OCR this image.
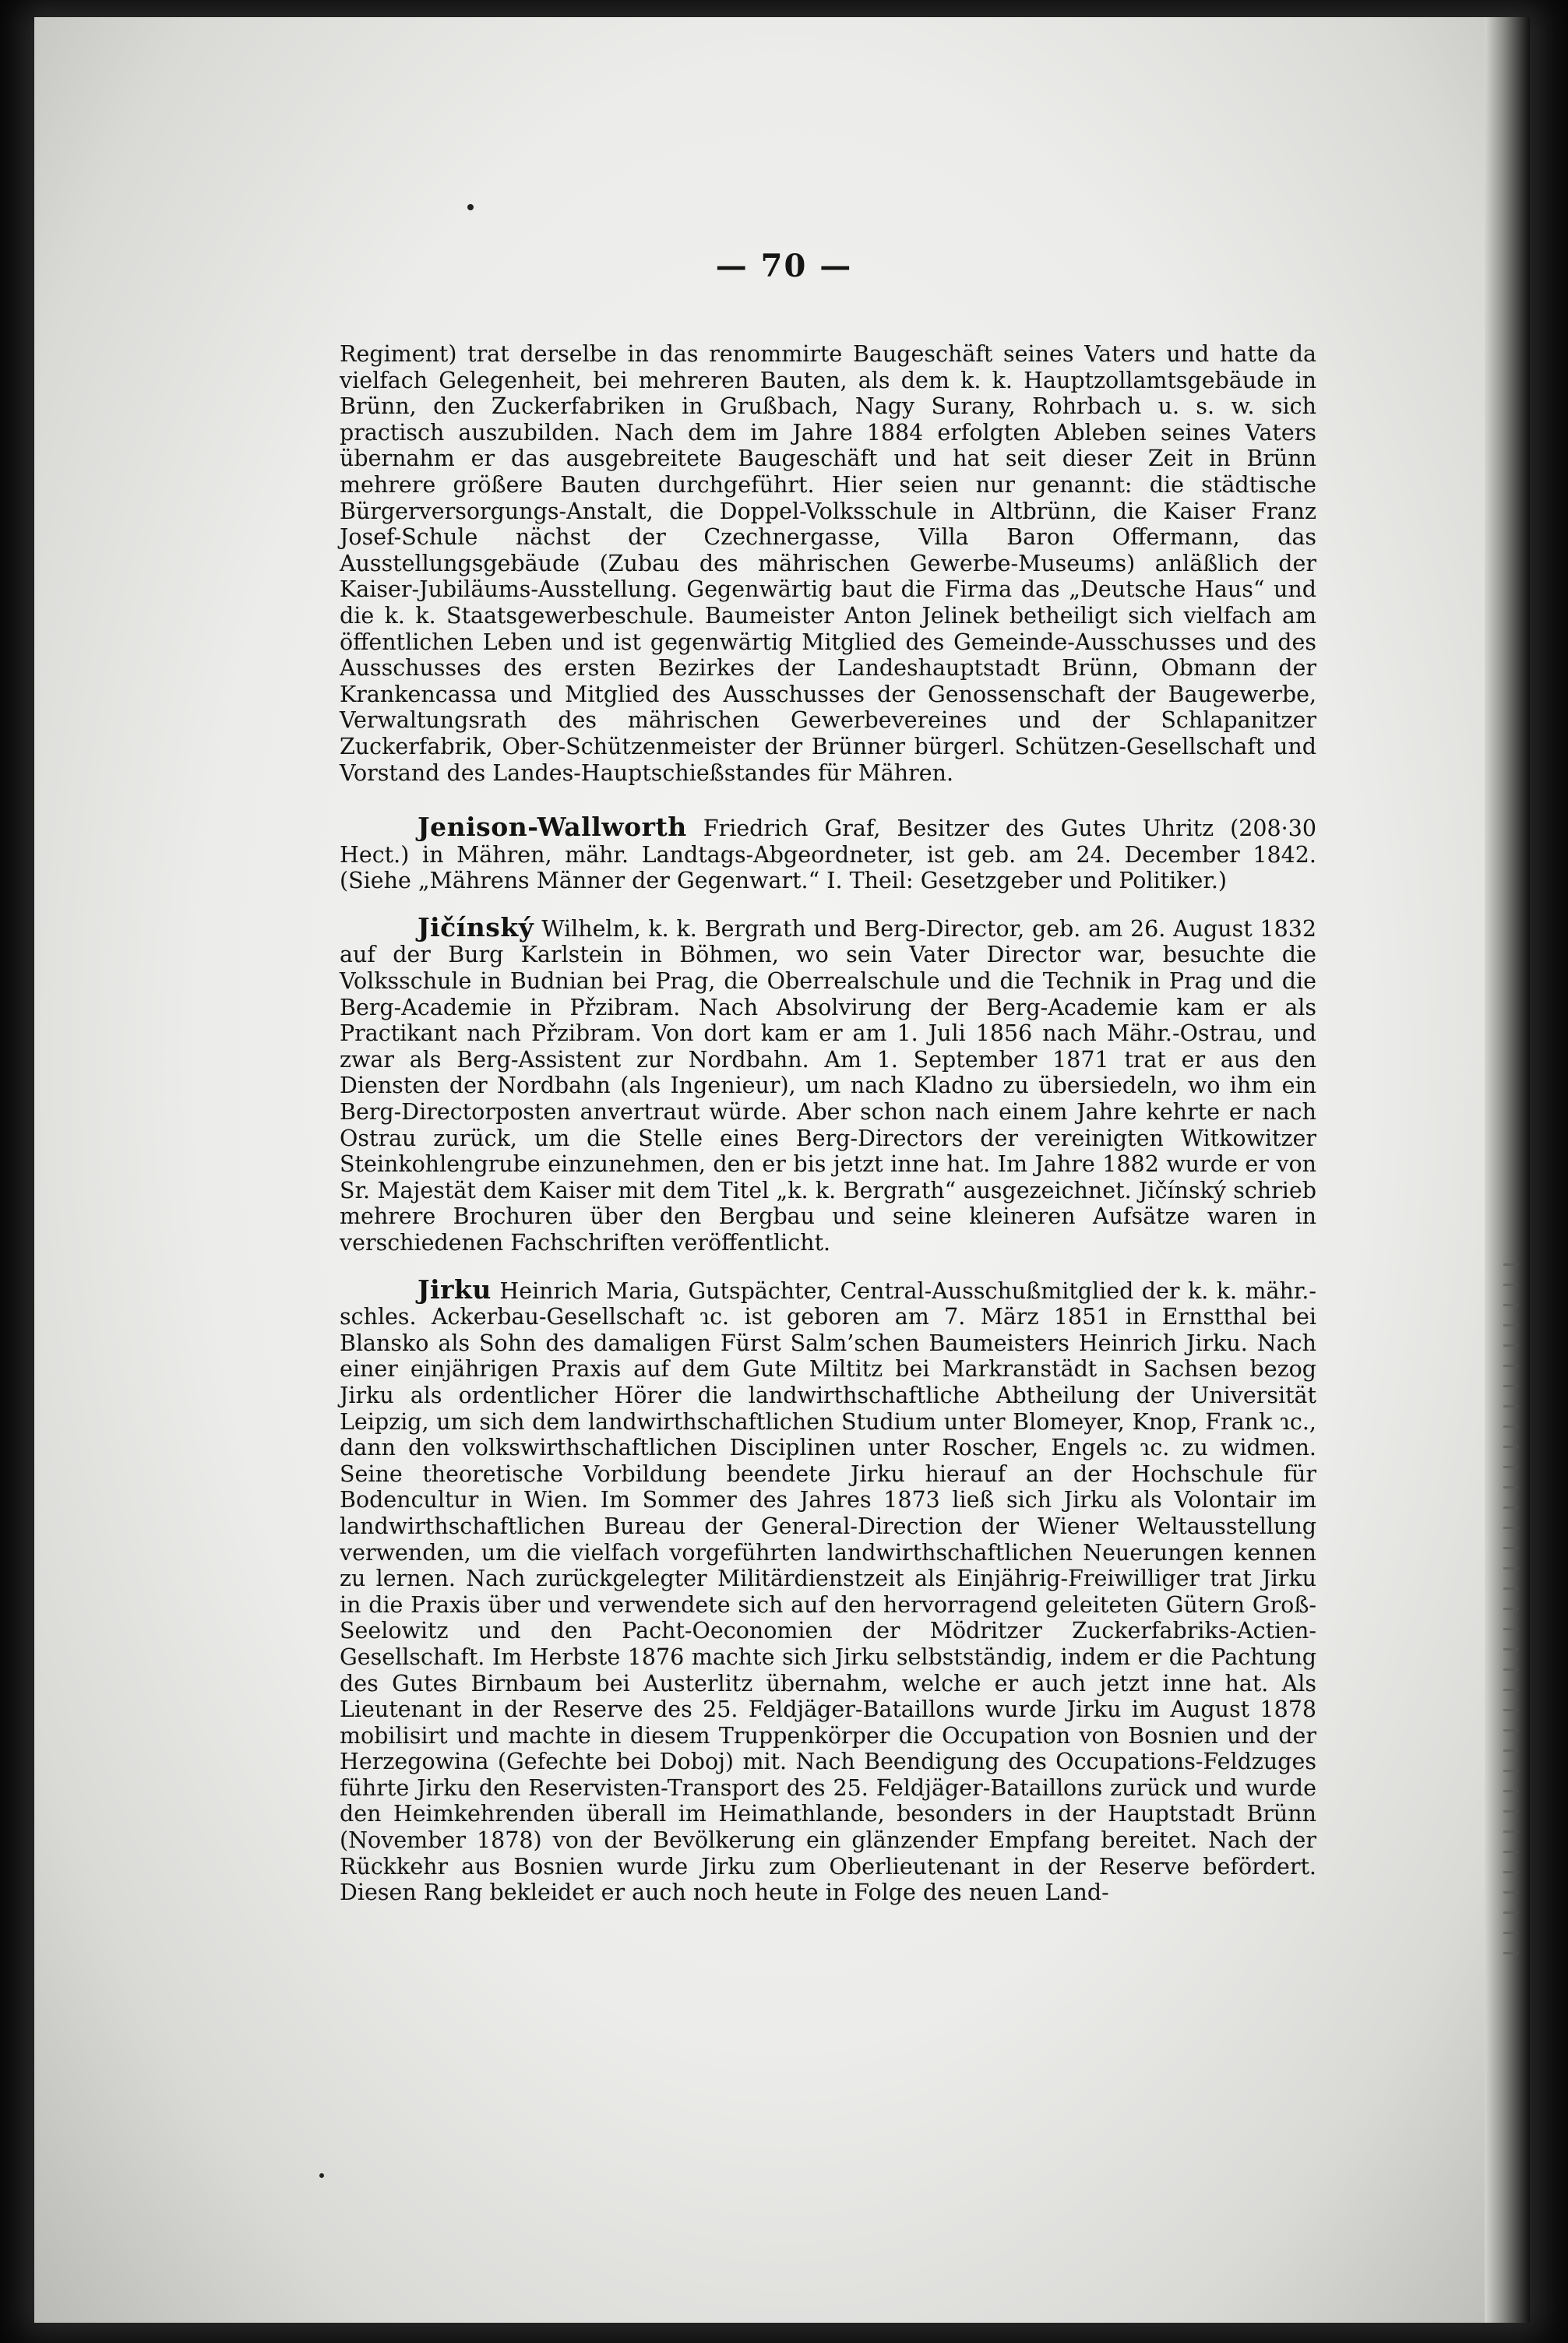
— 70 —

Regiment) trat derselbe in das renommirte Baugeschäft seines Vaters und hatte da vielfach Gelegenheit, bei mehreren Bauten, als dem k. k. Hauptzollamtsgebäude in Brünn, den Zuckerfabriken in Grußbach, Nagy Surany, Rohrbach u. s. w. sich practisch auszubilden. Nach dem im Jahre 1884 erfolgten Ableben seines Vaters übernahm er das ausgebreitete Baugeschäft und hat seit dieser Zeit in Brünn mehrere größere Bauten durchgeführt. Hier seien nur genannt: die städtische Bürgerversorgungs-Anstalt, die Doppel-Volksschule in Altbrünn, die Kaiser Franz Josef-Schule nächst der Czechnergasse, Villa Baron Offermann, das Ausstellungsgebäude (Zubau des mährischen Gewerbe-Museums) anläßlich der Kaiser-Jubiläums-Ausstellung. Gegenwärtig baut die Firma das „Deutsche Haus“ und die k. k. Staatsgewerbeschule. Baumeister Anton Jelinek betheiligt sich vielfach am öffentlichen Leben und ist gegenwärtig Mitglied des Gemeinde-Ausschusses und des Ausschusses des ersten Bezirkes der Landeshauptstadt Brünn, Obmann der Krankencassa und Mitglied des Ausschusses der Genossenschaft der Baugewerbe, Verwaltungsrath des mährischen Gewerbevereines und der Schlapanitzer Zuckerfabrik, Ober-Schützenmeister der Brünner bürgerl. Schützen-Gesellschaft und Vorstand des Landes-Hauptschießstandes für Mähren.

Jenison-Wallworth Friedrich Graf, Besitzer des Gutes Uhritz (208·30 Hect.) in Mähren, mähr. Landtags-Abgeordneter, ist geb. am 24. December 1842. (Siehe „Mährens Männer der Gegenwart.“ I. Theil: Gesetzgeber und Politiker.)

Jičínský Wilhelm, k. k. Bergrath und Berg-Director, geb. am 26. August 1832 auf der Burg Karlstein in Böhmen, wo sein Vater Director war, besuchte die Volksschule in Budnian bei Prag, die Oberrealschule und die Technik in Prag und die Berg-Academie in Přzibram. Nach Absolvirung der Berg-Academie kam er als Practikant nach Přzibram. Von dort kam er am 1. Juli 1856 nach Mähr.-Ostrau, und zwar als Berg-Assistent zur Nordbahn. Am 1. September 1871 trat er aus den Diensten der Nordbahn (als Ingenieur), um nach Kladno zu übersiedeln, wo ihm ein Berg-Directorposten anvertraut würde. Aber schon nach einem Jahre kehrte er nach Ostrau zurück, um die Stelle eines Berg-Directors der vereinigten Witkowitzer Steinkohlengrube einzunehmen, den er bis jetzt inne hat. Im Jahre 1882 wurde er von Sr. Majestät dem Kaiser mit dem Titel „k. k. Bergrath“ ausgezeichnet. Jičínský schrieb mehrere Brochuren über den Bergbau und seine kleineren Aufsätze waren in verschiedenen Fachschriften veröffentlicht.

Jirku Heinrich Maria, Gutspächter, Central-Ausschußmitglied der k. k. mähr.-schles. Ackerbau-Gesellschaft ɿc. ist geboren am 7. März 1851 in Ernstthal bei Blansko als Sohn des damaligen Fürst Salm’schen Baumeisters Heinrich Jirku. Nach einer einjährigen Praxis auf dem Gute Miltitz bei Markranstädt in Sachsen bezog Jirku als ordentlicher Hörer die landwirthschaftliche Abtheilung der Universität Leipzig, um sich dem landwirthschaftlichen Studium unter Blomeyer, Knop, Frank ɿc., dann den volkswirthschaftlichen Disciplinen unter Roscher, Engels ɿc. zu widmen. Seine theoretische Vorbildung beendete Jirku hierauf an der Hochschule für Bodencultur in Wien. Im Sommer des Jahres 1873 ließ sich Jirku als Volontair im landwirthschaftlichen Bureau der General-Direction der Wiener Weltausstellung verwenden, um die vielfach vorgeführten landwirthschaftlichen Neuerungen kennen zu lernen. Nach zurückgelegter Militärdienstzeit als Einjährig-Freiwilliger trat Jirku in die Praxis über und verwendete sich auf den hervorragend geleiteten Gütern Groß-Seelowitz und den Pacht-Oeconomien der Mödritzer Zuckerfabriks-Actien-Gesellschaft. Im Herbste 1876 machte sich Jirku selbstständig, indem er die Pachtung des Gutes Birnbaum bei Austerlitz übernahm, welche er auch jetzt inne hat. Als Lieutenant in der Reserve des 25. Feldjäger-Bataillons wurde Jirku im August 1878 mobilisirt und machte in diesem Truppenkörper die Occupation von Bosnien und der Herzegowina (Gefechte bei Doboj) mit. Nach Beendigung des Occupations-Feldzuges führte Jirku den Reservisten-Transport des 25. Feldjäger-Bataillons zurück und wurde den Heimkehrenden überall im Heimathlande, besonders in der Hauptstadt Brünn (November 1878) von der Bevölkerung ein glänzender Empfang bereitet. Nach der Rückkehr aus Bosnien wurde Jirku zum Oberlieutenant in der Reserve befördert. Diesen Rang bekleidet er auch noch heute in Folge des neuen Land-
